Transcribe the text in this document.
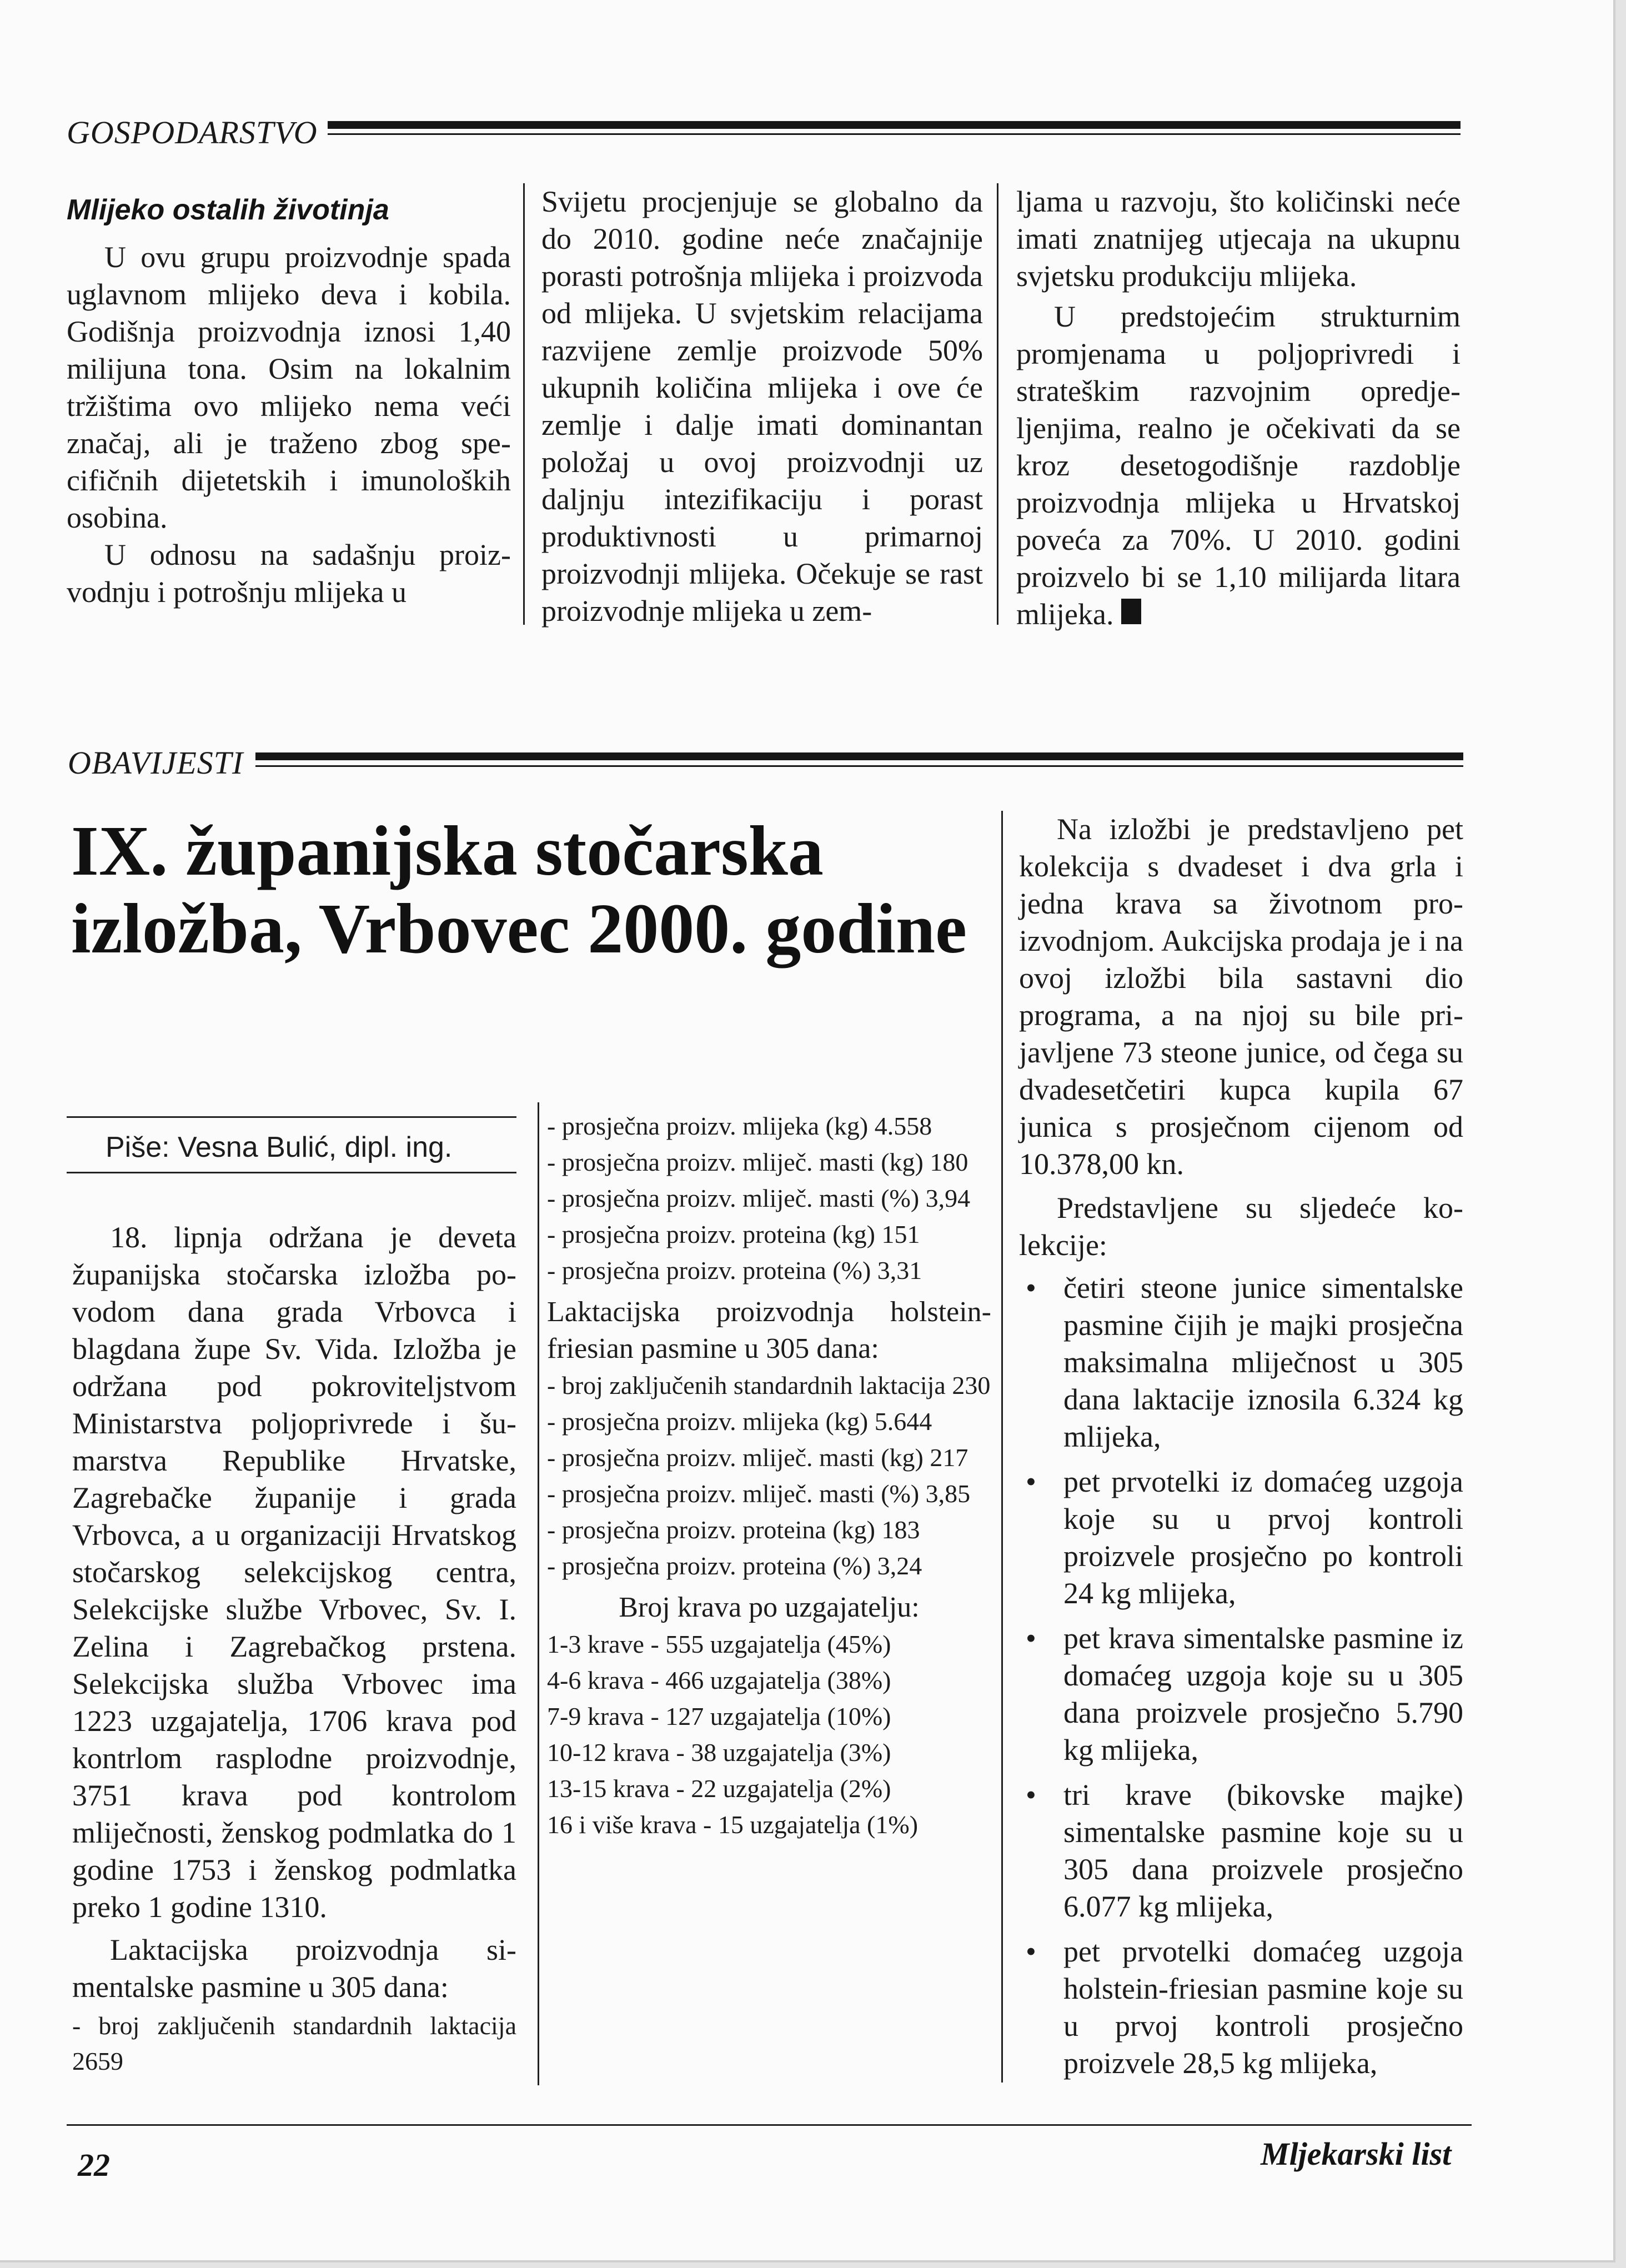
GOSPODARSTVO
Mlijeko ostalih životinja

U ovu grupu proizvodnje spada uglavnom mlijeko deva i kobila. Godišnja proizvodnja iznosi 1,40 milijuna tona. Osim na lokalnim tržištima ovo mlijeko nema veći značaj, ali je traženo zbog specifičnih dijetetskih i imunoloških osobina.

U odnosu na sadašnju proizvodnju i potrošnju mlijeka u

Svijetu procjenjuje se globalno da do 2010. godine neće značajnije porasti potrošnja mlijeka i proizvoda od mlijeka. U svjetskim relacijama razvijene zemlje proizvode 50% ukupnih količina mlijeka i ove će zemlje i dalje imati dominantan položaj u ovoj proizvodnji uz daljnju intezifikaciju i porast produktivnosti u primarnoj proizvodnji mlijeka. Očekuje se rast proizvodnje mlijeka u zem-

ljama u razvoju, što količinski neće imati znatnijeg utjecaja na ukupnu svjetsku produkciju mlijeka.

U predstojećim strukturnim promjenama u poljoprivredi i strateškim razvojnim opredjeljenjima, realno je očekivati da se kroz desetogodišnje razdoblje proizvodnja mlijeka u Hrvatskoj poveća za 70%. U 2010. godini proizvelo bi se 1,10 milijarda litara mlijeka.

OBAVIJESTI
IX. županijska stočarska izložba, Vrbovec 2000. godine
Piše: Vesna Bulić, dipl. ing.

18. lipnja održana je deveta županijska stočarska izložba povodom dana grada Vrbovca i blagdana župe Sv. Vida. Izložba je održana pod pokroviteljstvom Ministarstva poljoprivrede i šumarstva Republike Hrvatske, Zagrebačke županije i grada Vrbovca, a u organizaciji Hrvatskog stočarskog selekcijskog centra, Selekcijske službe Vrbovec, Sv. I. Zelina i Zagrebačkog prstena. Selekcijska služba Vrbovec ima 1223 uzgajatelja, 1706 krava pod kontrlom rasplodne proizvodnje, 3751 krava pod kontrolom mliječnosti, ženskog podmlatka do 1 godine 1753 i ženskog podmlatka preko 1 godine 1310.

Laktacijska proizvodnja simentalske pasmine u 305 dana:

- broj zaključenih standardnih laktacija 2659

- prosječna proizv. mlijeka (kg) 4.558
- prosječna proizv. mliječ. masti (kg) 180
- prosječna proizv. mliječ. masti (%) 3,94
- prosječna proizv. proteina (kg) 151
- prosječna proizv. proteina (%) 3,31
Laktacijska proizvodnja holstein-friesian pasmine u 305 dana:
- broj zaključenih standardnih laktacija 230
- prosječna proizv. mlijeka (kg) 5.644
- prosječna proizv. mliječ. masti (kg) 217
- prosječna proizv. mliječ. masti (%) 3,85
- prosječna proizv. proteina (kg) 183
- prosječna proizv. proteina (%) 3,24
Broj krava po uzgajatelju:
1-3 krave - 555 uzgajatelja (45%)
4-6 krava - 466 uzgajatelja (38%)
7-9 krava - 127 uzgajatelja (10%)
10-12 krava - 38 uzgajatelja (3%)
13-15 krava - 22 uzgajatelja (2%)
16 i više krava - 15 uzgajatelja (1%)

Na izložbi je predstavljeno pet kolekcija s dvadeset i dva grla i jedna krava sa životnom proizvodnjom. Aukcijska prodaja je i na ovoj izložbi bila sastavni dio programa, a na njoj su bile prijavljene 73 steone junice, od čega su dvadesetčetiri kupca kupila 67 junica s prosječnom cijenom od 10.378,00 kn.

Predstavljene su sljedeće kolekcije:

• četiri steone junice simentalske pasmine čijih je majki prosječna maksimalna mliječnost u 305 dana laktacije iznosila 6.324 kg mlijeka,
• pet prvotelki iz domaćeg uzgoja koje su u prvoj kontroli proizvele prosječno po kontroli 24 kg mlijeka,
• pet krava simentalske pasmine iz domaćeg uzgoja koje su u 305 dana proizvele prosječno 5.790 kg mlijeka,
• tri krave (bikovske majke) simentalske pasmine koje su u 305 dana proizvele prosječno 6.077 kg mlijeka,
• pet prvotelki domaćeg uzgoja holstein-friesian pasmine koje su u prvoj kontroli prosječno proizvele 28,5 kg mlijeka,
22	Mljekarski list
